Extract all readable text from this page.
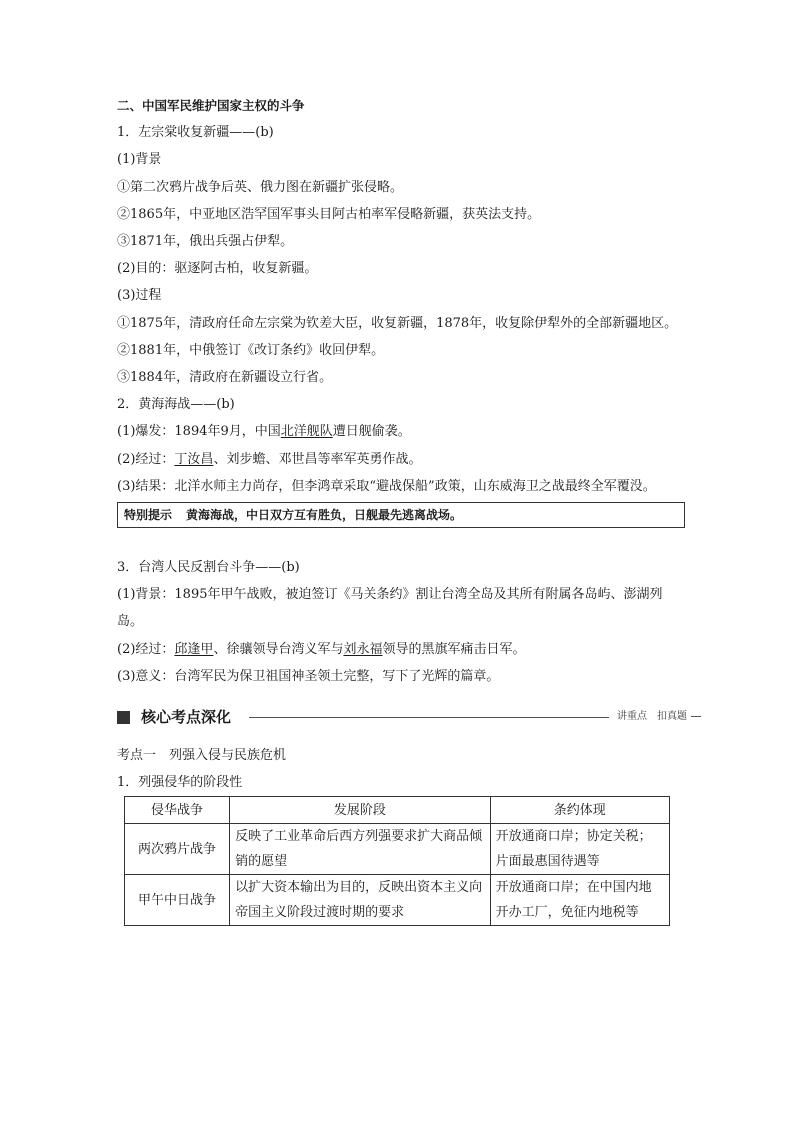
二、中国军民维护国家主权的斗争
1．左宗棠收复新疆——(b)
(1)背景
①第二次鸦片战争后英、俄力图在新疆扩张侵略。
②1865年，中亚地区浩罕国军事头目阿古柏率军侵略新疆，获英法支持。
③1871年，俄出兵强占伊犁。
(2)目的：驱逐阿古柏，收复新疆。
(3)过程
①1875年，清政府任命左宗棠为钦差大臣，收复新疆，1878年，收复除伊犁外的全部新疆地区。
②1881年，中俄签订《改订条约》收回伊犁。
③1884年，清政府在新疆设立行省。
2．黄海海战——(b)
(1)爆发：1894年9月，中国北洋舰队遭日舰偷袭。
(2)经过：丁汝昌、刘步蟾、邓世昌等率军英勇作战。
(3)结果：北洋水师主力尚存，但李鸿章采取“避战保船”政策，山东威海卫之战最终全军覆没。
特别提示 黄海海战，中日双方互有胜负，日舰最先逃离战场。
3．台湾人民反割台斗争——(b)
(1)背景：1895年甲午战败，被迫签订《马关条约》割让台湾全岛及其所有附属各岛屿、澎湖列岛。
(2)经过：邱逢甲、徐骧领导台湾义军与刘永福领导的黑旗军痛击日军。
(3)意义：台湾军民为保卫祖国神圣领土完整，写下了光辉的篇章。
核心考点深化	讲重点　扣真题
考点一　列强入侵与民族危机
1．列强侵华的阶段性
侵华战争	发展阶段	条约体现
两次鸦片战争	反映了工业革命后西方列强要求扩大商品倾销的愿望	开放通商口岸；协定关税；片面最惠国待遇等
甲午中日战争	以扩大资本输出为目的，反映出资本主义向帝国主义阶段过渡时期的要求	开放通商口岸；在中国内地开办工厂，免征内地税等
